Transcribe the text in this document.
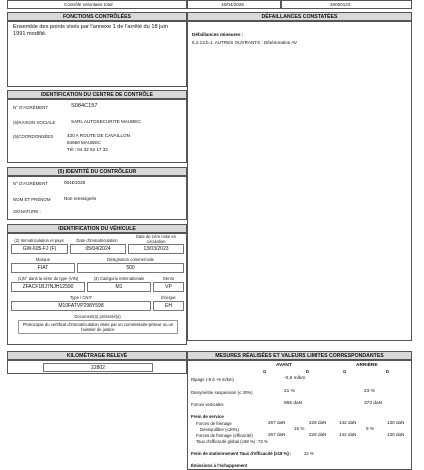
Contrôle volontaire total	16/04/2026	26000123
FONCTIONS CONTRÔLÉES
Ensemble des points visés par l'annexe 1 de l'arrêté du 18 juin 1991 modifié.
DÉFAILLANCES CONSTATÉES
Défaillances mineures :
6.2.13.b.1. AUTRES OUVRANTS : Détérioration AV
IDENTIFICATION DU CENTRE DE CONTRÔLE
N° D'AGRÉMENT	S084C157
(5)RAISON SOCIALE	SARL AUTOSECURITE MAUBEC
(5)COORDONNÉES	430 A ROUTE DE CAVAILLON
84660 MAUBEC
Tél : 04 32 52 17 32
(5) IDENTITÉ DU CONTRÔLEUR
N° D'AGRÉMENT	084D1028
NOM ET PRÉNOM	Non renseignés
SIGNATURE :
IDENTIFICATION DU VÉHICULE
(2) Immatriculation et pays	Date d'immatriculation
Date de 1ère mise en circulation
GW-605-FJ (F)	05/04/2024	13/03/2023
Marque	Désignation commerciale
FIAT	500
(1)N° dans la série du type (VIN)	(3) Catégorie internationale	Genre
ZFACF1BJ7NJH12590	M1	VP
Type / CNIT	Énergie
M10FATVP298Y598	EH
Document(s) présenté(s)
Photocopie du certificat d'immatriculation visée par un commissaire-priseur ou un huissier de justice
KILOMÉTRAGE RELEVÉ
22802
MESURES RÉALISÉES ET VALEURS LIMITES CORRESPONDANTES
AVANT	ARRIÈRE
G	D	G	D
Ripage (-8 à +8 m/km)	-0,6 m/km
Dissymétrie suspension (≤ 30%)	21 %	23 %
Forces verticales	665 daN	373 daN
Frein de service
Forces de freinage	267 daN	228 daN	142 daN	130 daN
Déséquilibre (≤20%)	15 %	9 %
Forces de freinage (efficacité)	267 daN	228 daN	142 daN	130 daN
Taux d'efficacité global (≥58 %) : 73 %
Frein de stationnement Taux d'efficacité (≥18 %) :	22 %
Émissions à l'échappement
